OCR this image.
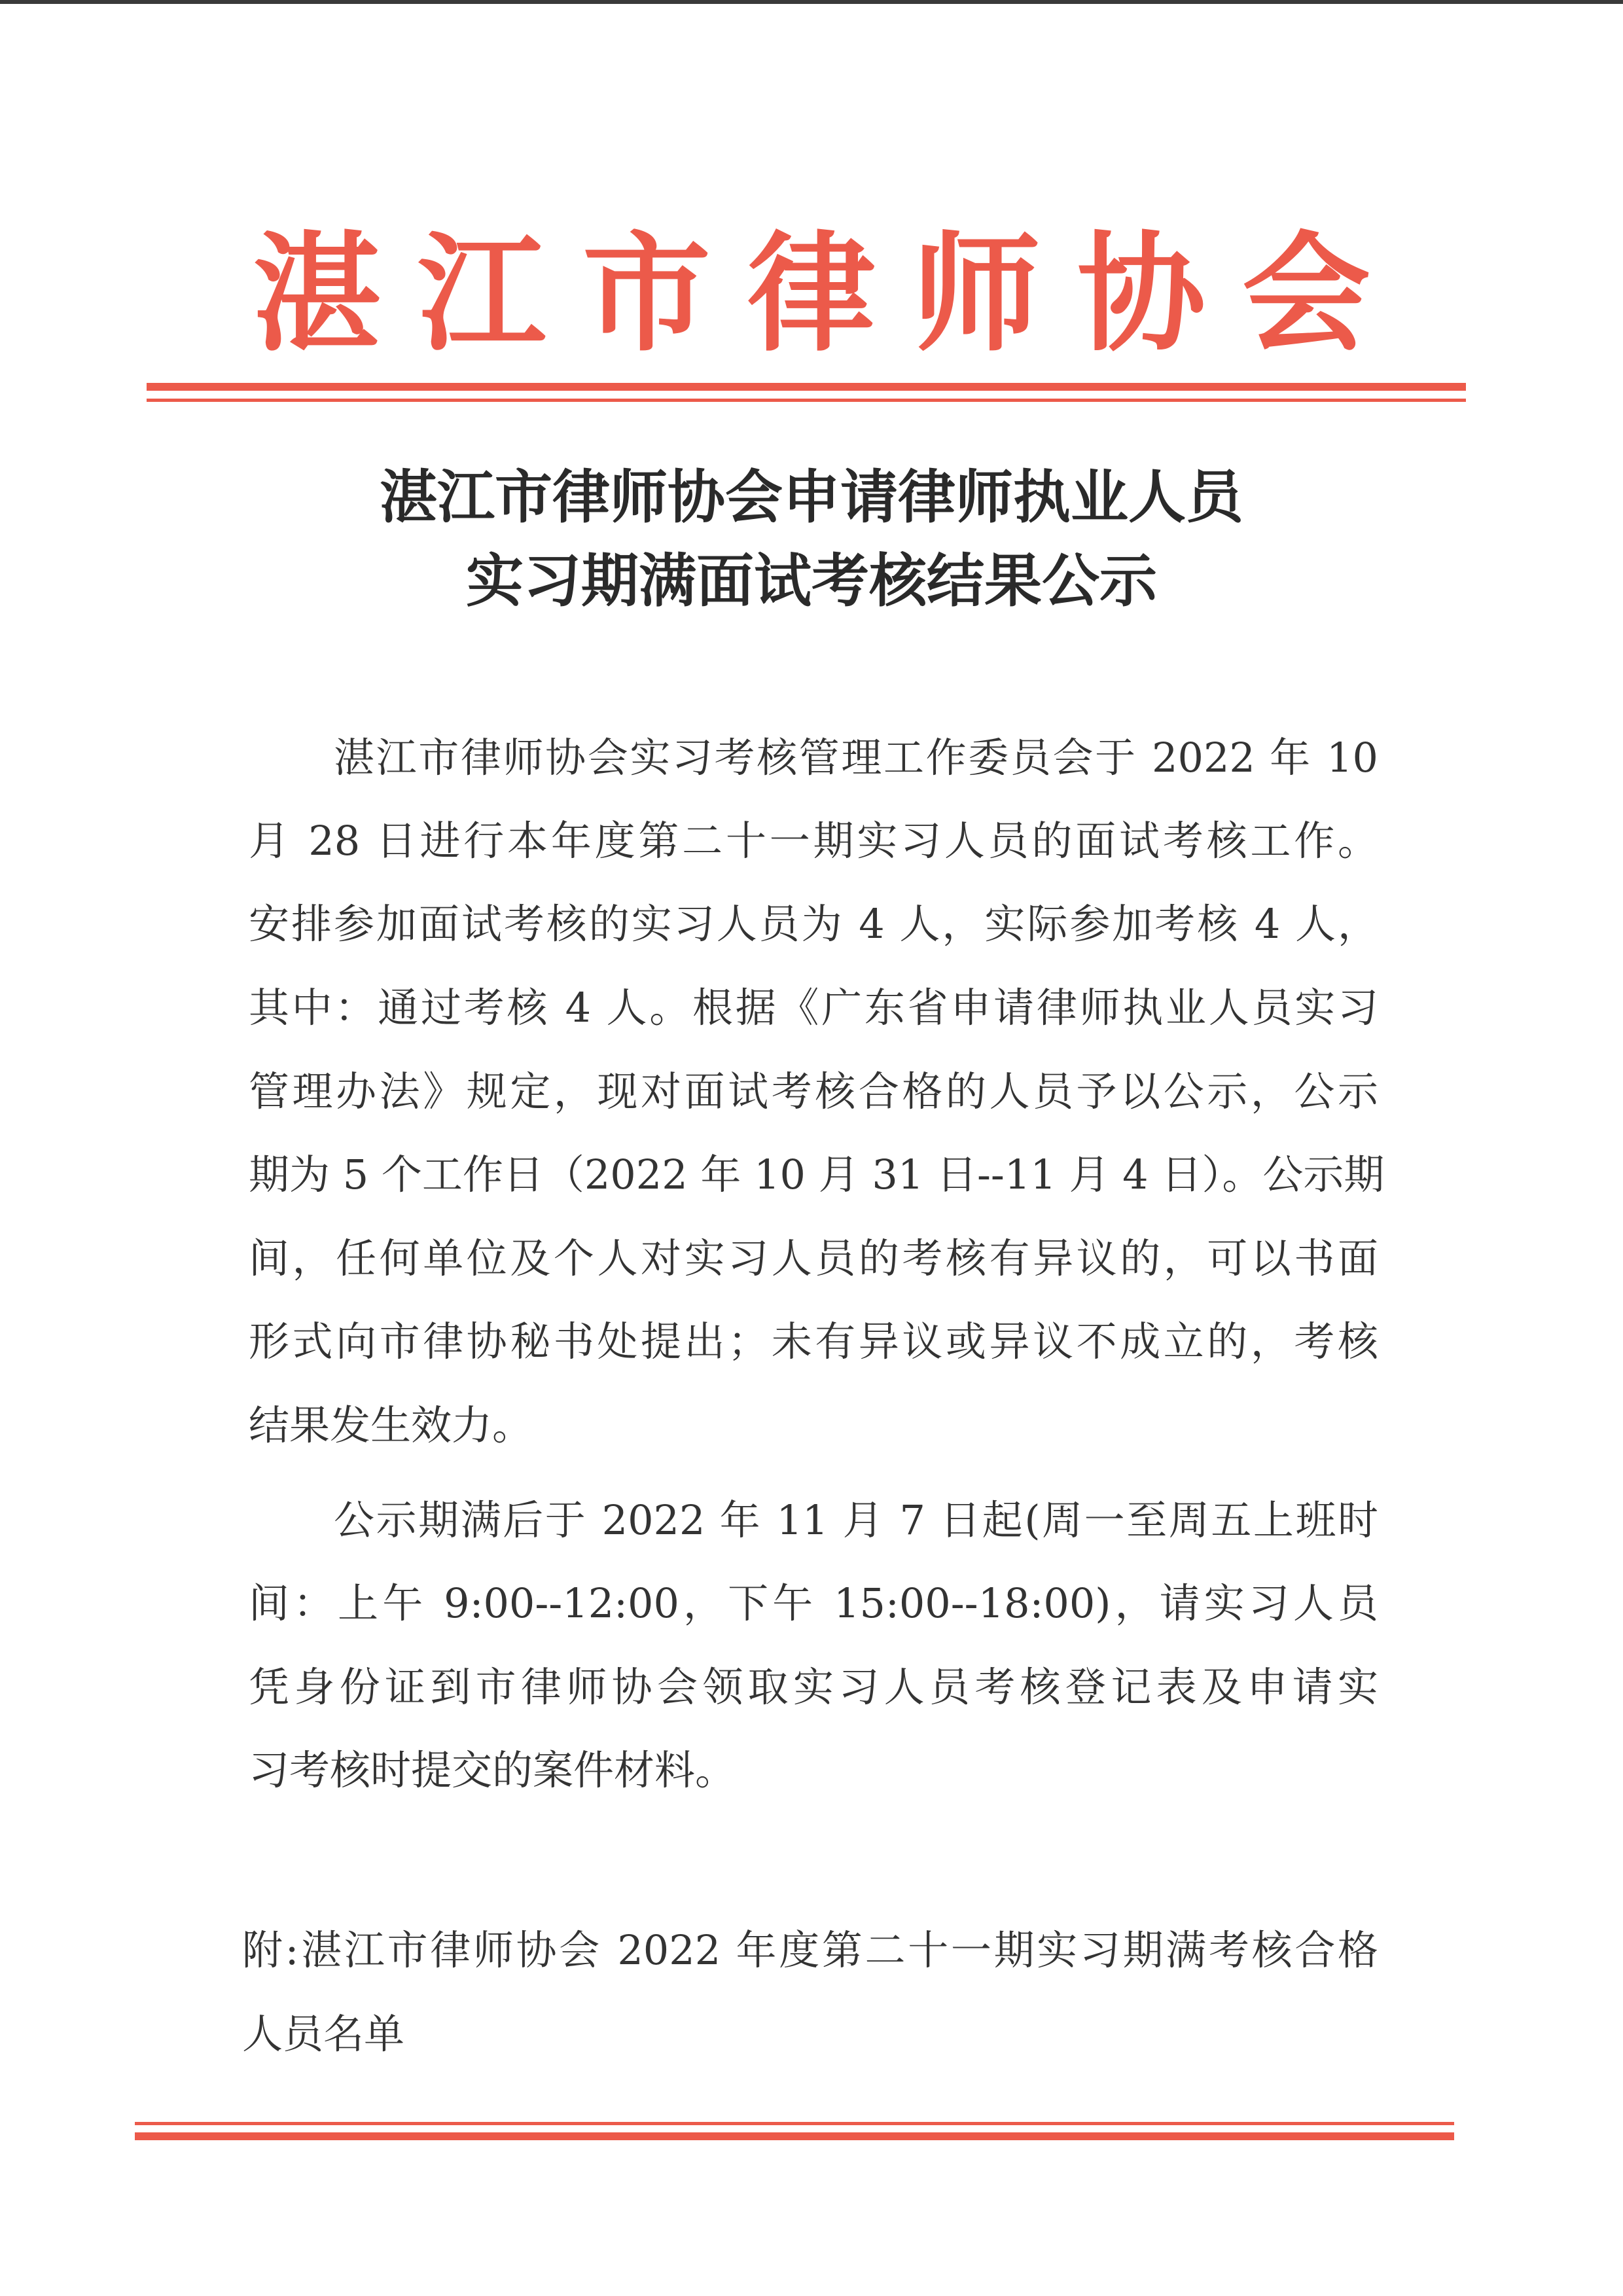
湛江市律师协会
湛江市律师协会申请律师执业人员
实习期满面试考核结果公示
湛江市律师协会实习考核管理工作委员会于 2022 年 10
月 28 日进行本年度第二十一期实习人员的面试考核工作。
安排参加面试考核的实习人员为 4 人，实际参加考核 4 人，
其中：通过考核 4 人。根据《广东省申请律师执业人员实习
管理办法》规定，现对面试考核合格的人员予以公示，公示
期为 5 个工作日（2022 年 10 月 31 日--11 月 4 日）。公示期
间，任何单位及个人对实习人员的考核有异议的，可以书面
形式向市律协秘书处提出；未有异议或异议不成立的，考核
结果发生效力。
公示期满后于 2022 年 11 月 7 日起(周一至周五上班时
间：上午 9:00--12:00，下午 15:00--18:00)，请实习人员
凭身份证到市律师协会领取实习人员考核登记表及申请实
习考核时提交的案件材料。
附:湛江市律师协会 2022 年度第二十一期实习期满考核合格
人员名单
